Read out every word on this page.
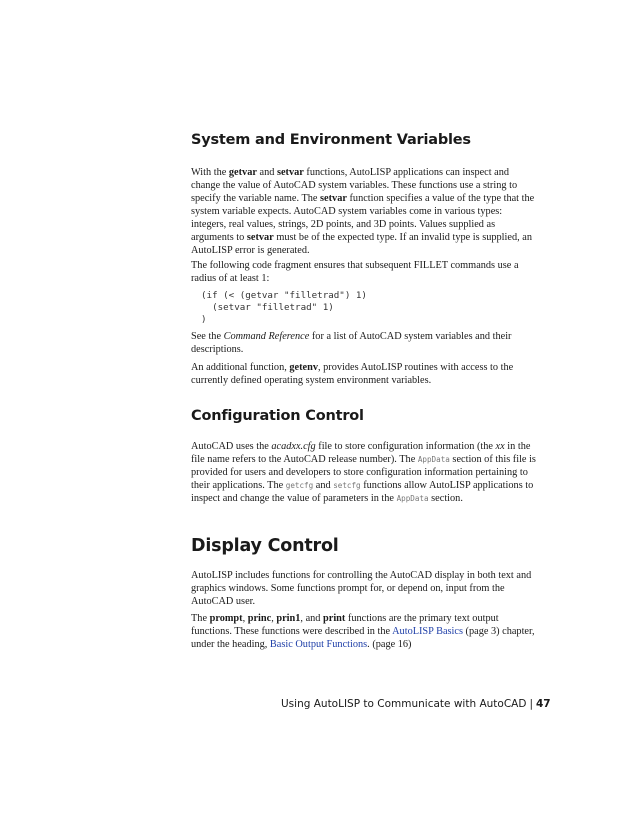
System and Environment Variables

With the getvar and setvar functions, AutoLISP applications can inspect and change the value of AutoCAD system variables. These functions use a string to specify the variable name. The setvar function specifies a value of the type that the system variable expects. AutoCAD system variables come in various types: integers, real values, strings, 2D points, and 3D points. Values supplied as arguments to setvar must be of the expected type. If an invalid type is supplied, an AutoLISP error is generated.

The following code fragment ensures that subsequent FILLET commands use a radius of at least 1:

(if (< (getvar "filletrad") 1)
(setvar "filletrad" 1)
)

See the Command Reference for a list of AutoCAD system variables and their descriptions.

An additional function, getenv, provides AutoLISP routines with access to the currently defined operating system environment variables.

Configuration Control

AutoCAD uses the acadxx.cfg file to store configuration information (the xx in the file name refers to the AutoCAD release number). The AppData section of this file is provided for users and developers to store configuration information pertaining to their applications. The getcfg and setcfg functions allow AutoLISP applications to inspect and change the value of parameters in the AppData section.

Display Control

AutoLISP includes functions for controlling the AutoCAD display in both text and graphics windows. Some functions prompt for, or depend on, input from the AutoCAD user.

The prompt, princ, prin1, and print functions are the primary text output functions. These functions were described in the AutoLISP Basics (page 3) chapter, under the heading, Basic Output Functions. (page 16)

Using AutoLISP to Communicate with AutoCAD | 47
